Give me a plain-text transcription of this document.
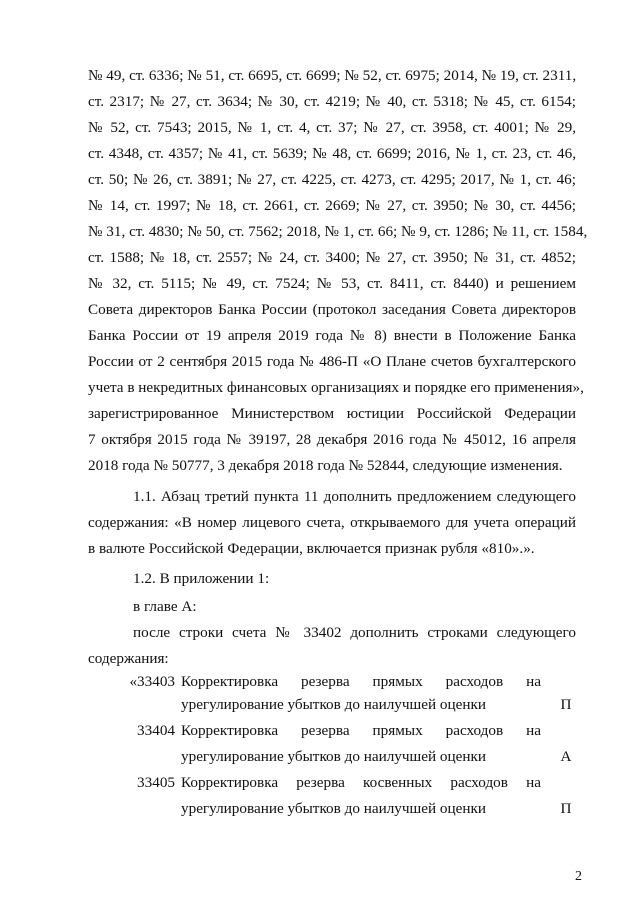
№ 49, ст. 6336; № 51, ст. 6695, ст. 6699; № 52, ст. 6975; 2014, № 19, ст. 2311,
ст. 2317; № 27, ст. 3634; № 30, ст. 4219; № 40, ст. 5318; № 45, ст. 6154;
№ 52, ст. 7543; 2015, № 1, ст. 4, ст. 37; № 27, ст. 3958, ст. 4001; № 29,
ст. 4348, ст. 4357; № 41, ст. 5639; № 48, ст. 6699; 2016, № 1, ст. 23, ст. 46,
ст. 50; № 26, ст. 3891; № 27, ст. 4225, ст. 4273, ст. 4295; 2017, № 1, ст. 46;
№ 14, ст. 1997; № 18, ст. 2661, ст. 2669; № 27, ст. 3950; № 30, ст. 4456;
№ 31, ст. 4830; № 50, ст. 7562; 2018, № 1, ст. 66; № 9, ст. 1286; № 11, ст. 1584,
ст. 1588; № 18, ст. 2557; № 24, ст. 3400; № 27, ст. 3950; № 31, ст. 4852;
№ 32, ст. 5115; № 49, ст. 7524; № 53, ст. 8411, ст. 8440) и решением
Совета директоров Банка России (протокол заседания Совета директоров
Банка России от 19 апреля 2019 года № 8) внести в Положение Банка
России от 2 сентября 2015 года № 486-П «О Плане счетов бухгалтерского
учета в некредитных финансовых организациях и порядке его применения»,
зарегистрированное Министерством юстиции Российской Федерации
7 октября 2015 года № 39197, 28 декабря 2016 года № 45012, 16 апреля
2018 года № 50777, 3 декабря 2018 года № 52844, следующие изменения.
1.1. Абзац третий пункта 11 дополнить предложением следующего
содержания: «В номер лицевого счета, открываемого для учета операций
в валюте Российской Федерации, включается признак рубля «810».».
1.2. В приложении 1:
в главе А:
после строки счета № 33402 дополнить строками следующего
содержания:
«33403 Корректировка резерва прямых расходов на
урегулирование убытков до наилучшей оценки	П
33404 Корректировка резерва прямых расходов на
урегулирование убытков до наилучшей оценки	А
33405 Корректировка резерва косвенных расходов на
урегулирование убытков до наилучшей оценки	П
2
